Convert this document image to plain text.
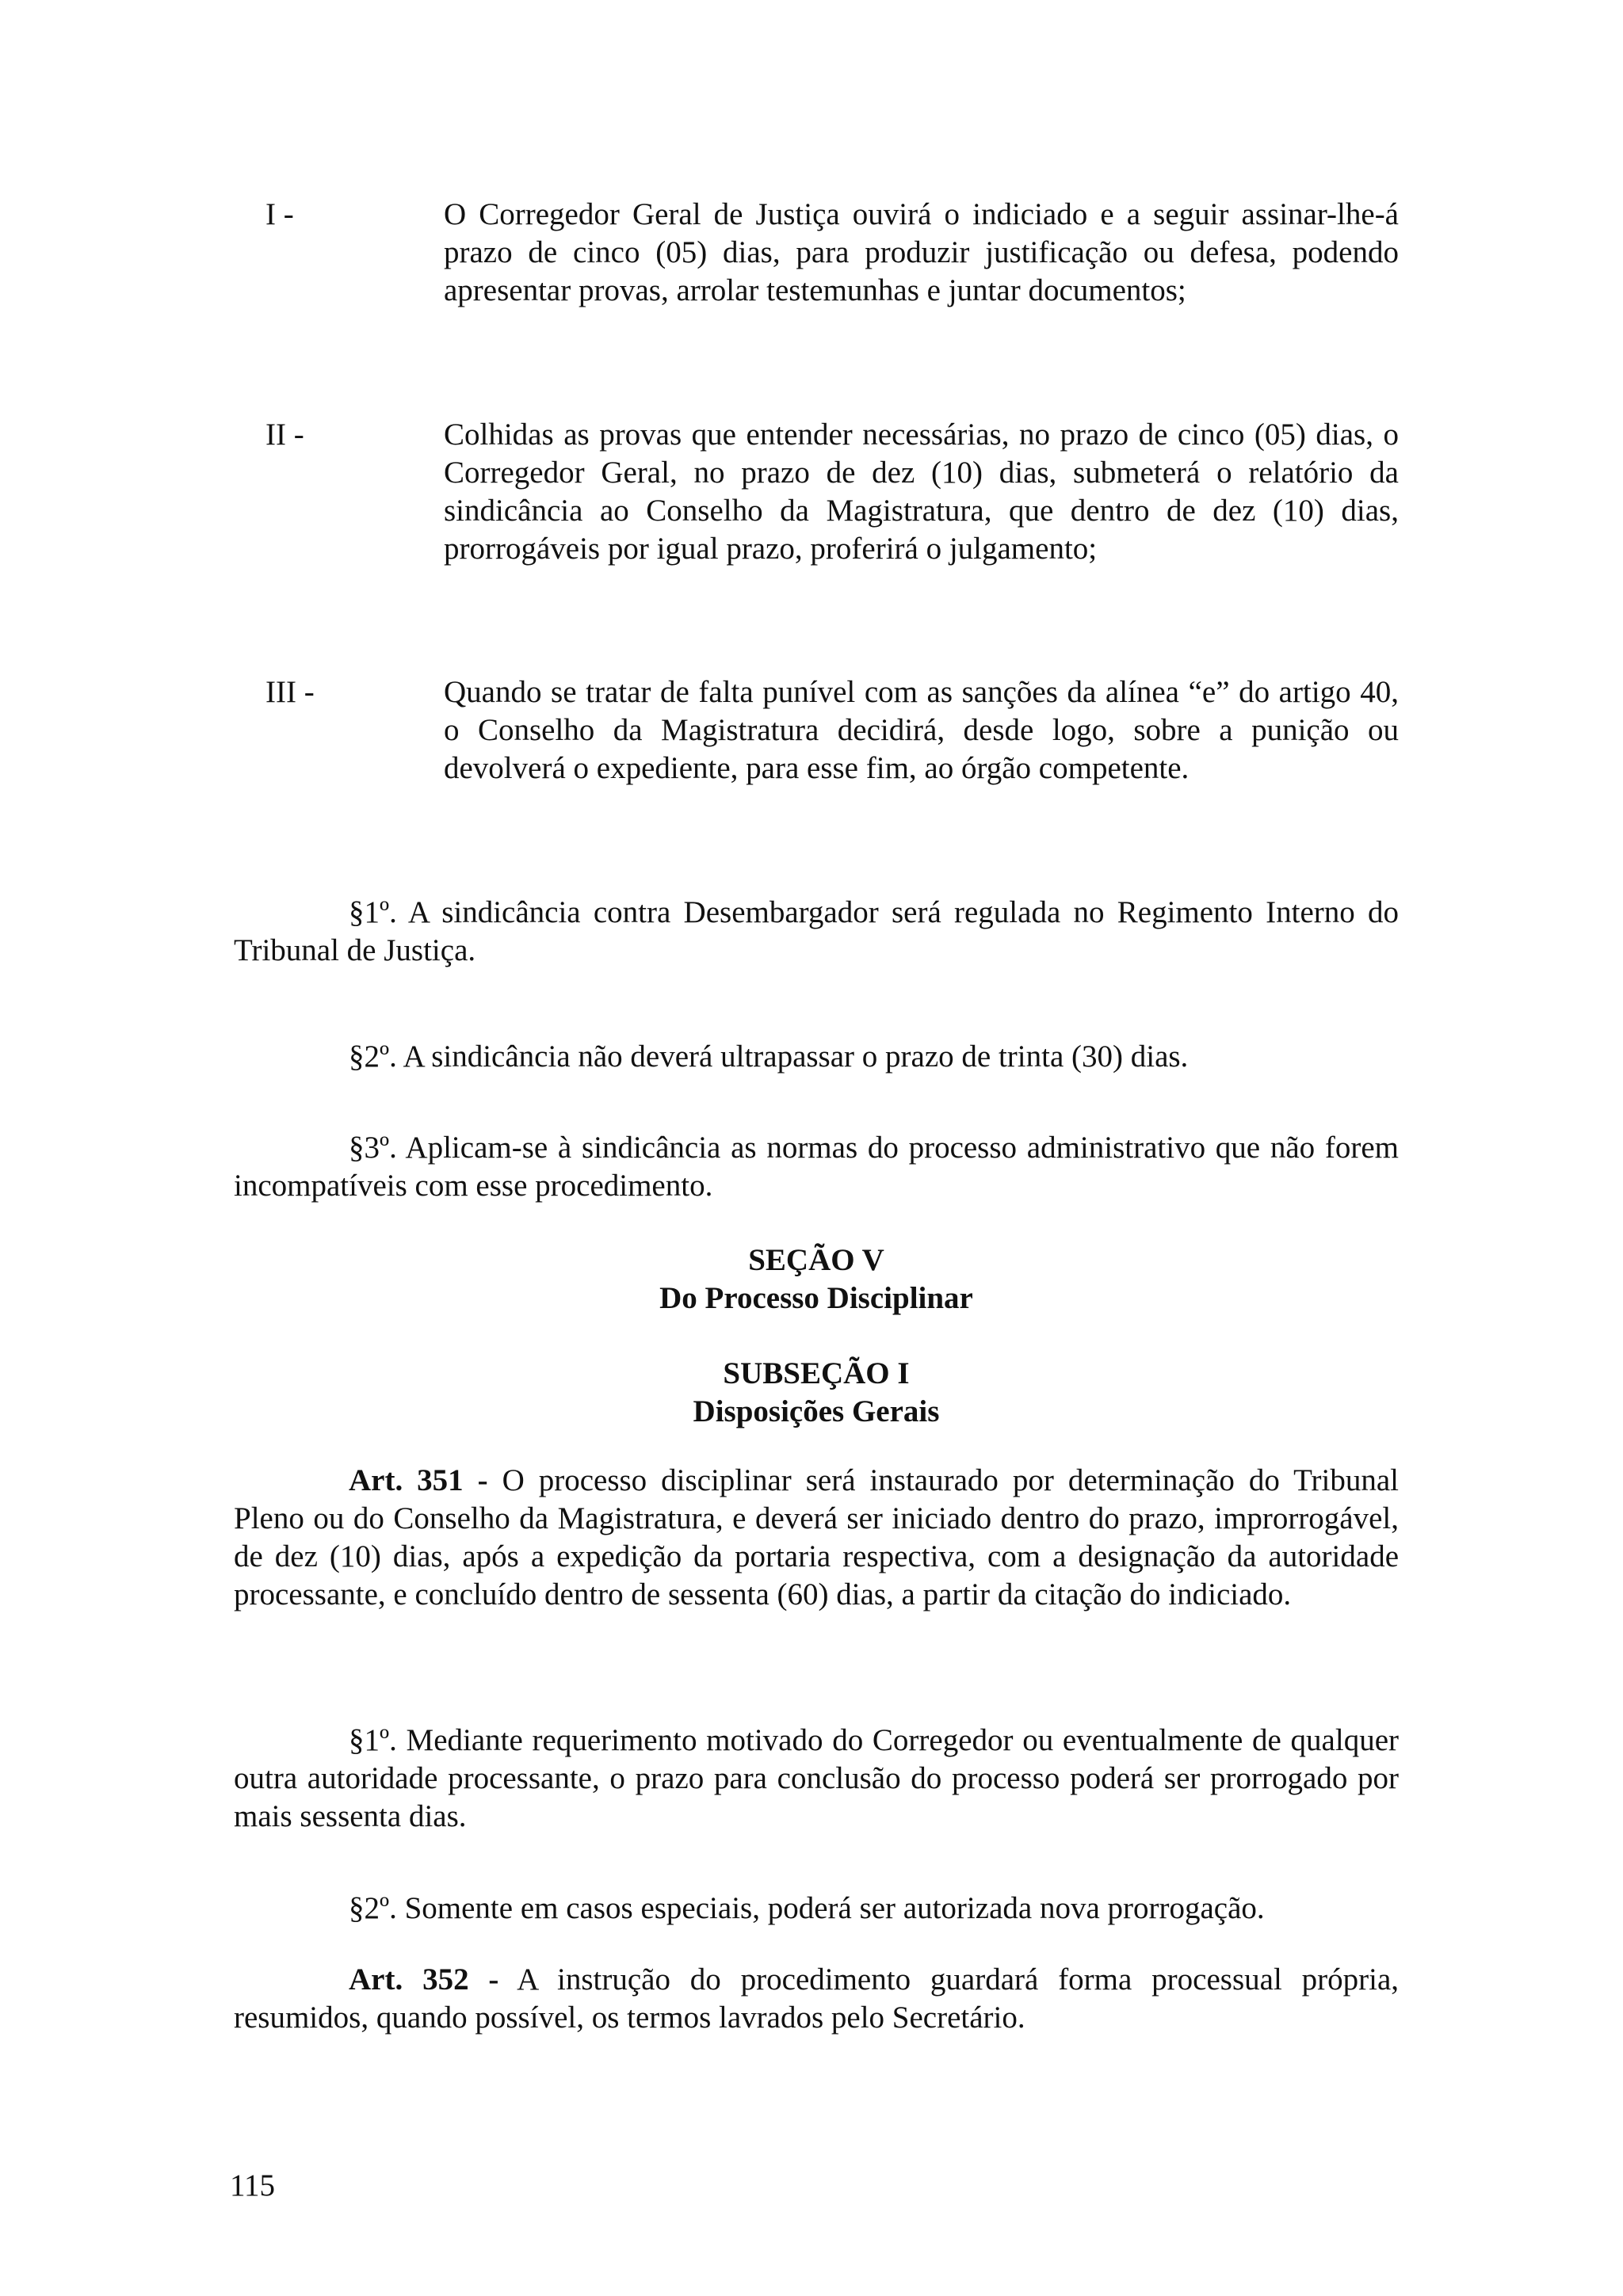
I -	O Corregedor Geral de Justiça ouvirá o indiciado e a seguir assinar-lhe-á prazo de cinco (05) dias, para produzir justificação ou defesa, podendo apresentar provas, arrolar testemunhas e juntar documentos;
II -	Colhidas as provas que entender necessárias, no prazo de cinco (05) dias, o Corregedor Geral, no prazo de dez (10) dias, submeterá o relatório da sindicância ao Conselho da Magistratura, que dentro de dez (10) dias, prorrogáveis por igual prazo, proferirá o julgamento;
III -	Quando se tratar de falta punível com as sanções da alínea “e” do artigo 40, o Conselho da Magistratura decidirá, desde logo, sobre a punição ou devolverá o expediente, para esse fim, ao órgão competente.

§1º. A sindicância contra Desembargador será regulada no Regimento Interno do Tribunal de Justiça.

§2º. A sindicância não deverá ultrapassar o prazo de trinta (30) dias.

§3º. Aplicam-se à sindicância as normas do processo administrativo que não forem incompatíveis com esse procedimento.

SEÇÃO V
Do Processo Disciplinar
SUBSEÇÃO I
Disposições Gerais

Art. 351 - O processo disciplinar será instaurado por determinação do Tribunal Pleno ou do Conselho da Magistratura, e deverá ser iniciado dentro do prazo, improrrogável, de dez (10) dias, após a expedição da portaria respectiva, com a designação da autoridade processante, e concluído dentro de sessenta (60) dias, a partir da citação do indiciado.

§1º. Mediante requerimento motivado do Corregedor ou eventualmente de qualquer outra autoridade processante, o prazo para conclusão do processo poderá ser prorrogado por mais sessenta dias.

§2º. Somente em casos especiais, poderá ser autorizada nova prorrogação.

Art. 352 - A instrução do procedimento guardará forma processual própria, resumidos, quando possível, os termos lavrados pelo Secretário.

115
